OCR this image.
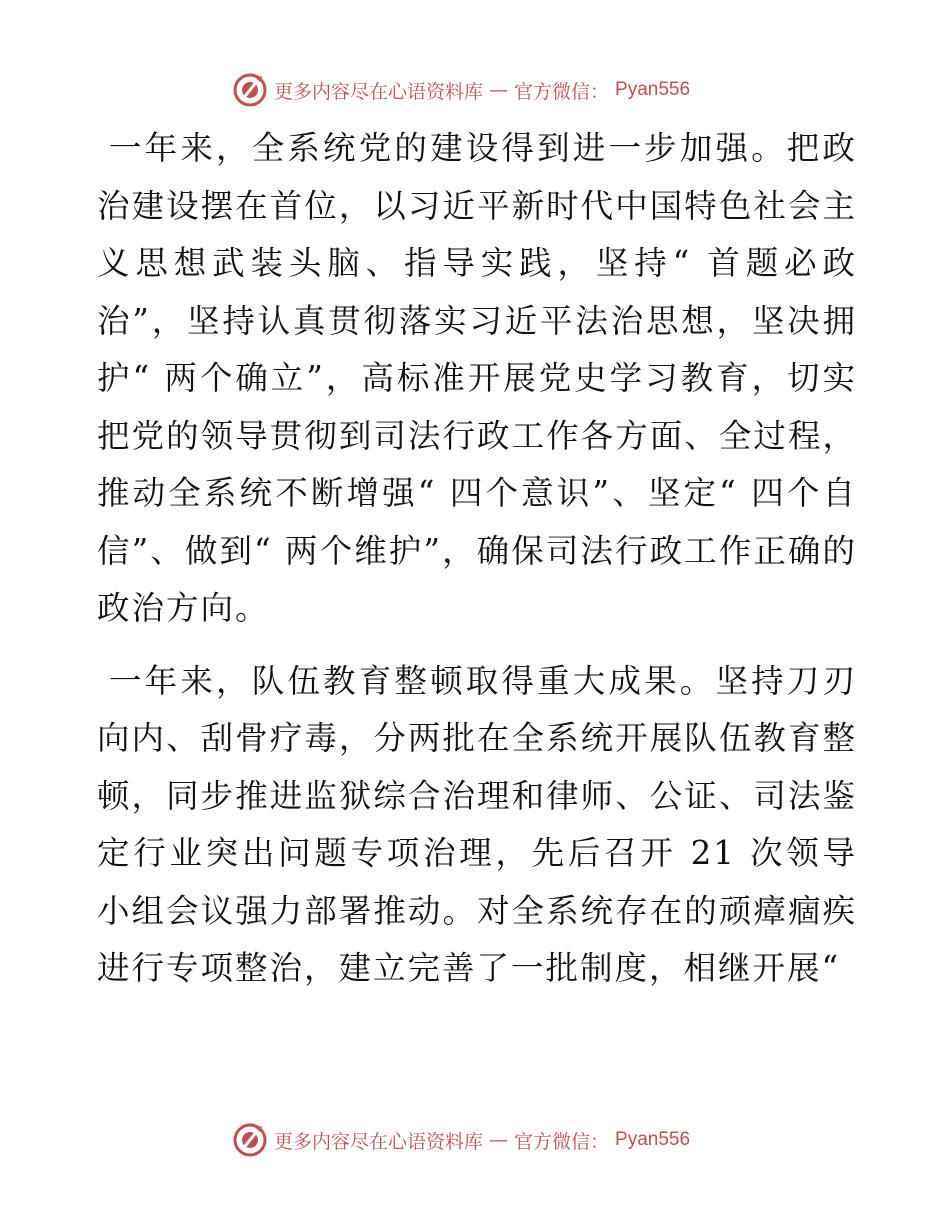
更多内容尽在心语资料库 — 官方微信： Pyan556

一年来，全系统党的建设得到进一步加强。把政治建设摆在首位，以习近平新时代中国特色社会主义思想武装头脑、指导实践，坚持“ 首题必政治”，坚持认真贯彻落实习近平法治思想，坚决拥护“ 两个确立”，高标准开展党史学习教育，切实把党的领导贯彻到司法行政工作各方面、全过程，推动全系统不断增强“ 四个意识”、坚定“ 四个自信”、做到“ 两个维护”，确保司法行政工作正确的政治方向。

一年来，队伍教育整顿取得重大成果。坚持刀刃向内、刮骨疗毒，分两批在全系统开展队伍教育整顿，同步推进监狱综合治理和律师、公证、司法鉴定行业突出问题专项治理，先后召开 21 次领导小组会议强力部署推动。对全系统存在的顽瘴痼疾进行专项整治，建立完善了一批制度，相继开展“

更多内容尽在心语资料库 — 官方微信： Pyan556
